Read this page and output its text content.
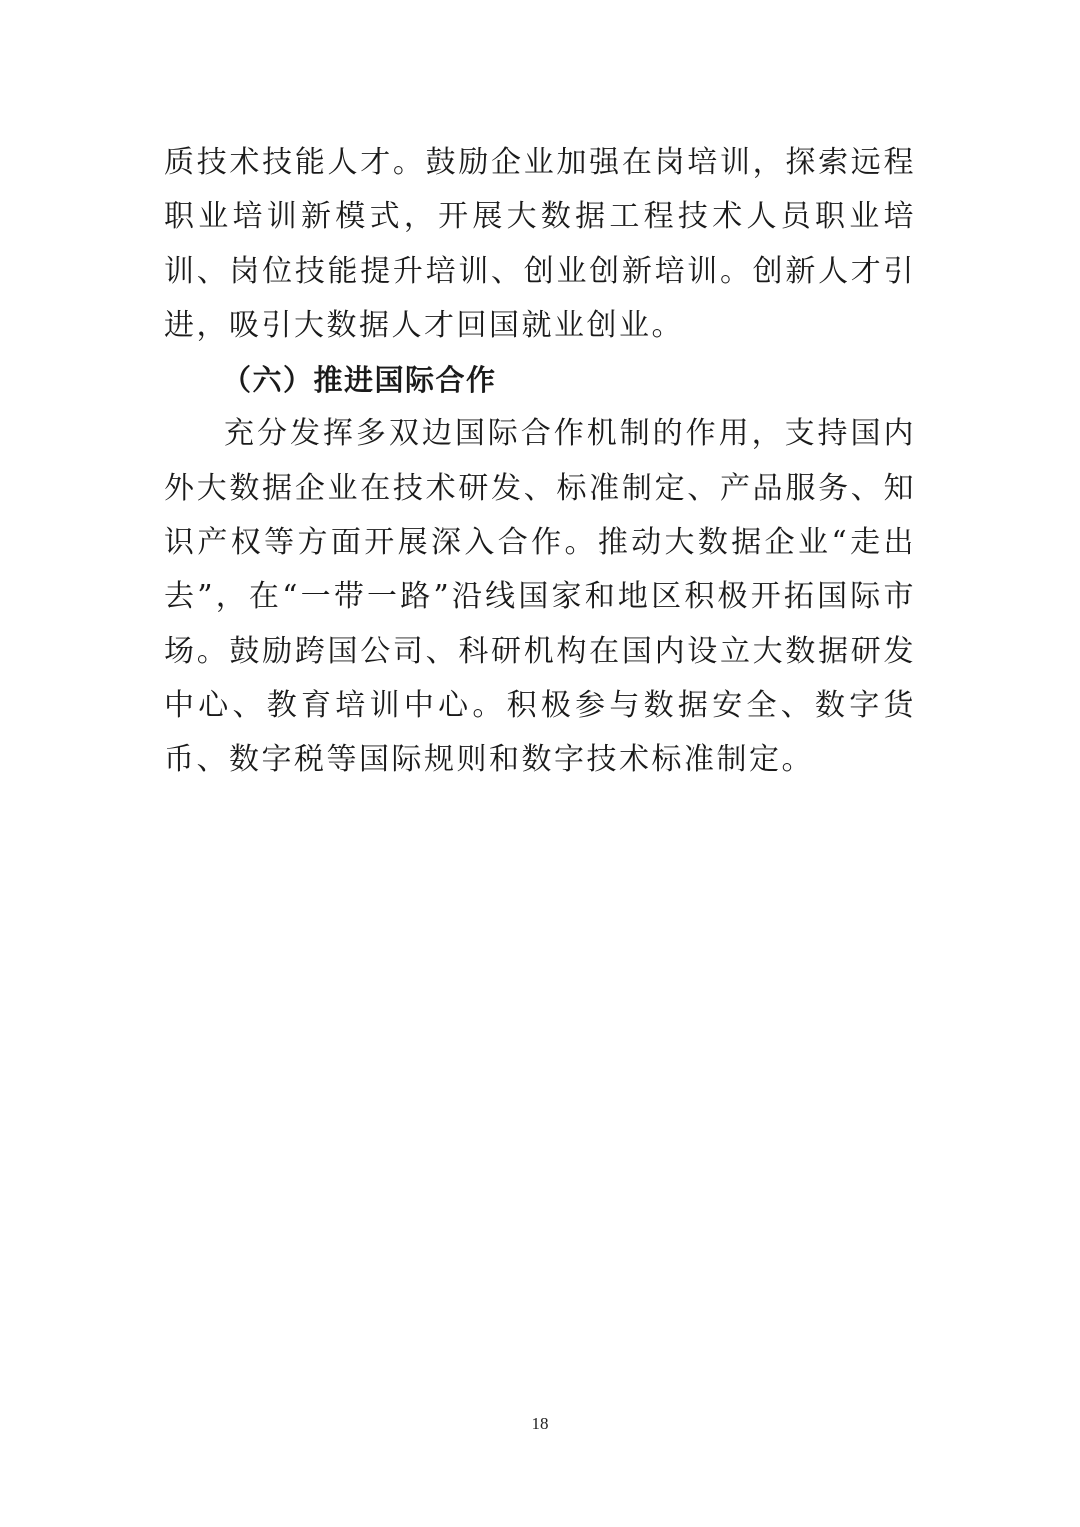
质技术技能人才。鼓励企业加强在岗培训，探索远程职业培训新模式，开展大数据工程技术人员职业培训、岗位技能提升培训、创业创新培训。创新人才引进，吸引大数据人才回国就业创业。

（六）推进国际合作

充分发挥多双边国际合作机制的作用，支持国内外大数据企业在技术研发、标准制定、产品服务、知识产权等方面开展深入合作。推动大数据企业“走出去”，在“一带一路”沿线国家和地区积极开拓国际市场。鼓励跨国公司、科研机构在国内设立大数据研发中心、教育培训中心。积极参与数据安全、数字货币、数字税等国际规则和数字技术标准制定。

18
